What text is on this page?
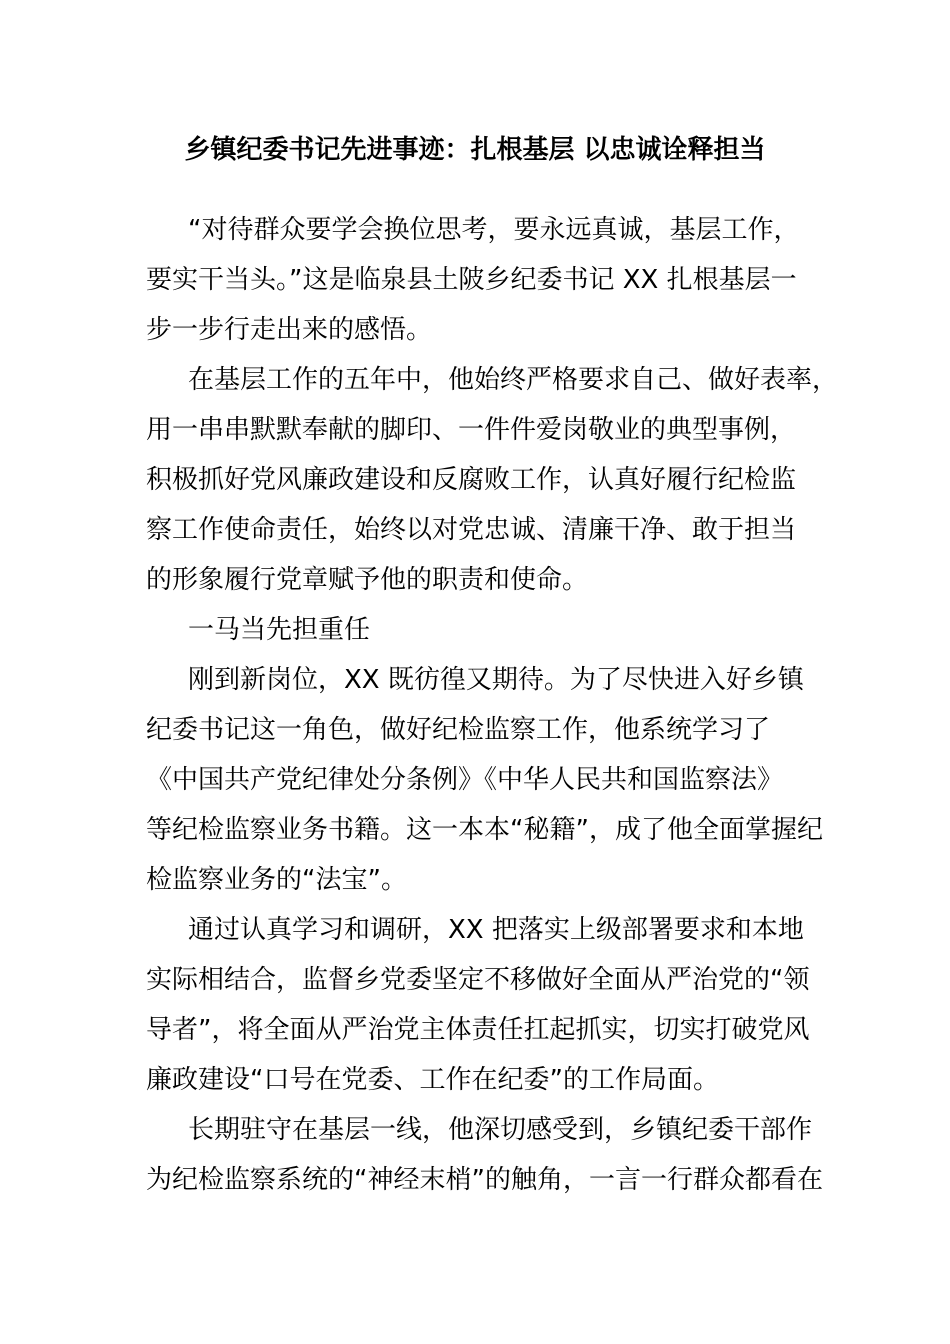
乡镇纪委书记先进事迹：扎根基层 以忠诚诠释担当
“对待群众要学会换位思考，要永远真诚，基层工作，
要实干当头。”这是临泉县土陂乡纪委书记 XX 扎根基层一
步一步行走出来的感悟。
在基层工作的五年中，他始终严格要求自己、做好表率，
用一串串默默奉献的脚印、一件件爱岗敬业的典型事例，
积极抓好党风廉政建设和反腐败工作，认真好履行纪检监
察工作使命责任，始终以对党忠诚、清廉干净、敢于担当
的形象履行党章赋予他的职责和使命。
一马当先担重任
刚到新岗位，XX 既彷徨又期待。为了尽快进入好乡镇
纪委书记这一角色，做好纪检监察工作，他系统学习了
《中国共产党纪律处分条例》《中华人民共和国监察法》
等纪检监察业务书籍。这一本本“秘籍”，成了他全面掌握纪
检监察业务的“法宝”。
通过认真学习和调研，XX 把落实上级部署要求和本地
实际相结合，监督乡党委坚定不移做好全面从严治党的“领
导者”，将全面从严治党主体责任扛起抓实，切实打破党风
廉政建设“口号在党委、工作在纪委”的工作局面。
长期驻守在基层一线，他深切感受到，乡镇纪委干部作
为纪检监察系统的“神经末梢”的触角，一言一行群众都看在
